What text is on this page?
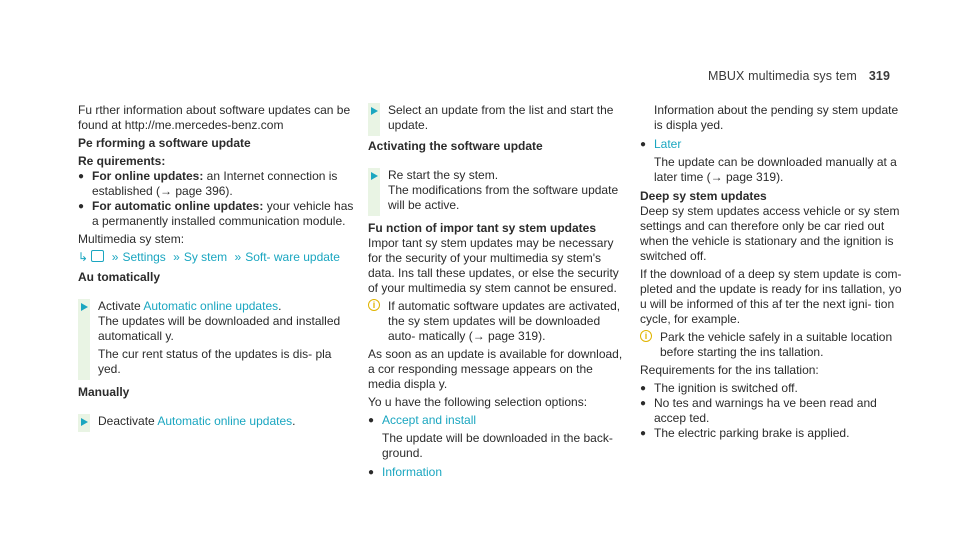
MBUX multimedia sys tem 319

Fu rther information about software updates can be found at http://me.mercedes-benz.com

Pe rforming a software update

Re quirements:

● For online updates: an Internet connection is established (→ page 396).

● For automatic online updates: your vehicle has a permanently installed communication module.

Multimedia sy stem:

↳ » Settings » Sy stem » Soft‑ ware update

Au tomatically

Activate Automatic online updates.

The updates will be downloaded and installed automaticall y.

The cur rent status of the updates is dis‑ pla yed.

Manually

Deactivate Automatic online updates.

Select an update from the list and start the update.

Activating the software update

Re start the sy stem.

The modifications from the software update will be active.

Fu nction of impor tant sy stem updates

Impor tant sy stem updates may be necessary for the security of your multimedia sy stem's data. Ins tall these updates, or else the security of your multimedia sy stem cannot be ensured.

i	If automatic software updates are activated, the sy stem updates will be downloaded auto‑ matically (→ page 319).

As soon as an update is available for download, a cor responding message appears on the media displa y.

Yo u have the following selection options:

● Accept and install

The update will be downloaded in the back‑ ground.

● Information

Information about the pending sy stem update is displa yed.

● Later

The update can be downloaded manually at a later time (→ page 319).

Deep sy stem updates

Deep sy stem updates access vehicle or sy stem settings and can therefore only be car ried out when the vehicle is stationary and the ignition is switched off.

If the download of a deep sy stem update is com‑ pleted and the update is ready for ins tallation, yo u will be informed of this af ter the next igni‑ tion cycle, for example.

i	Park the vehicle safely in a suitable location before starting the ins tallation.

Requirements for the ins tallation:

● The ignition is switched off.

● No tes and warnings ha ve been read and accep ted.

● The electric parking brake is applied.
